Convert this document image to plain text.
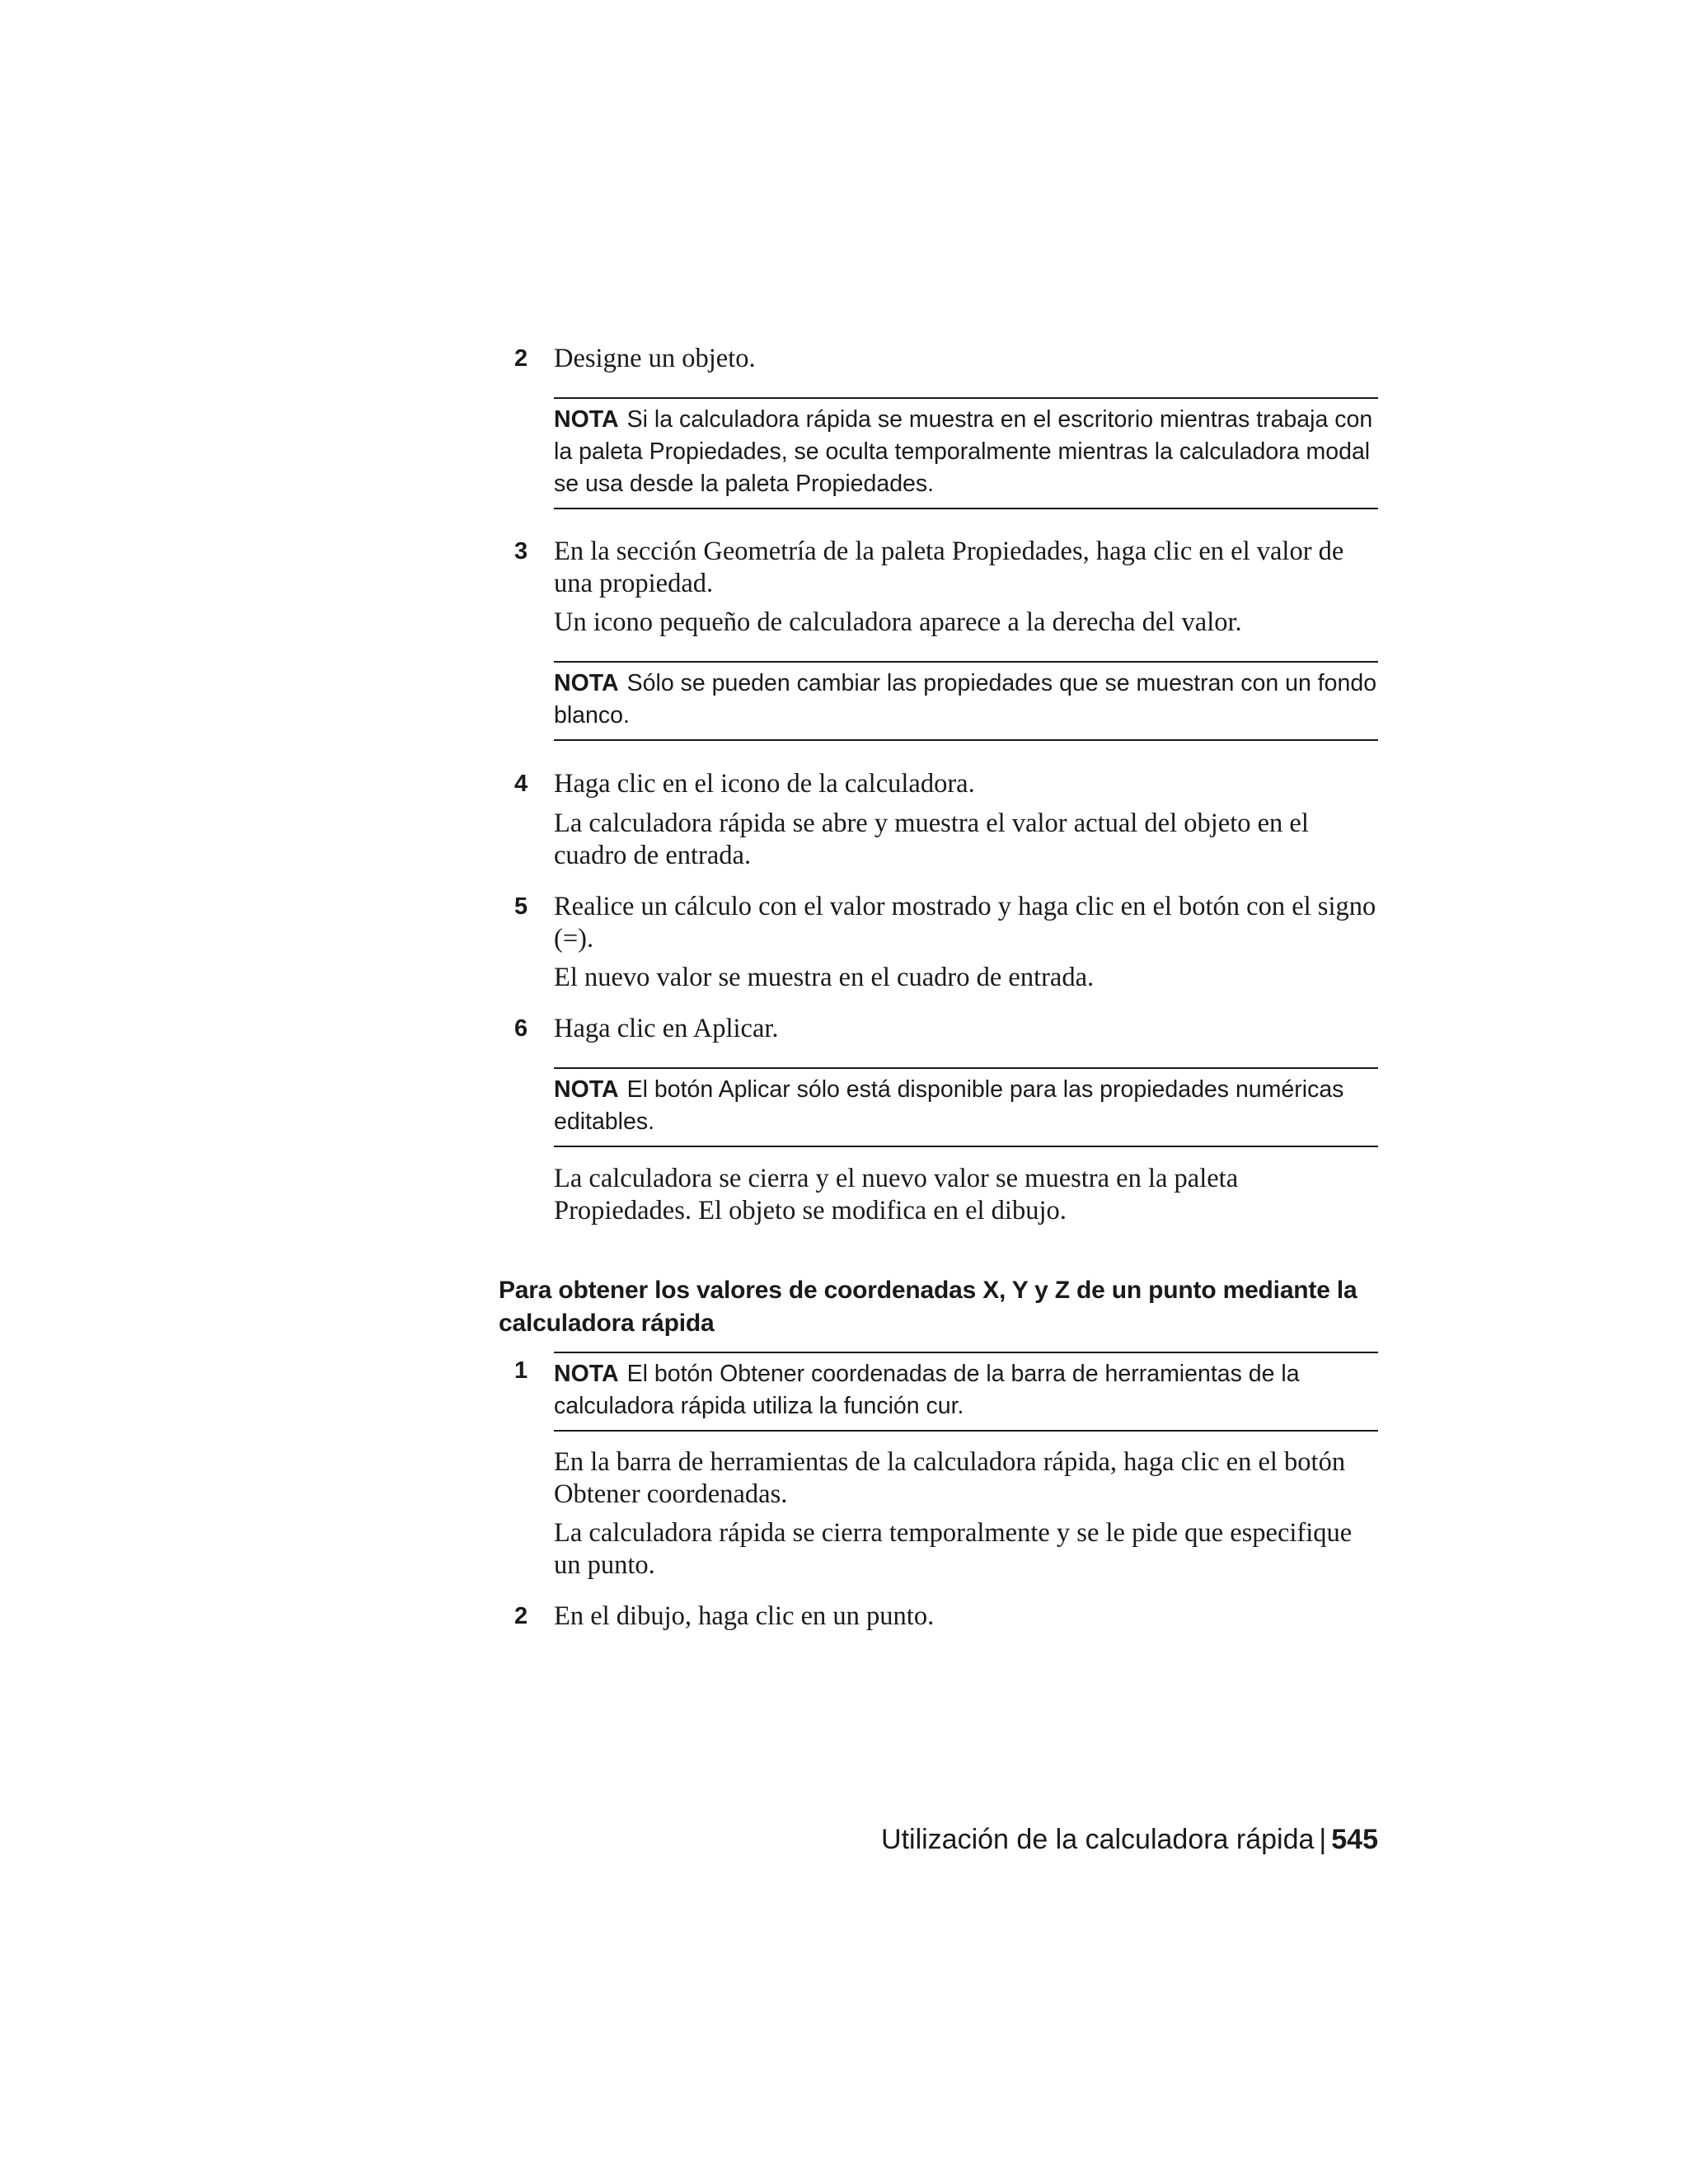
2 Designe un objeto.
NOTA Si la calculadora rápida se muestra en el escritorio mientras trabaja con la paleta Propiedades, se oculta temporalmente mientras la calculadora modal se usa desde la paleta Propiedades.
3 En la sección Geometría de la paleta Propiedades, haga clic en el valor de una propiedad.
Un icono pequeño de calculadora aparece a la derecha del valor.
NOTA Sólo se pueden cambiar las propiedades que se muestran con un fondo blanco.
4 Haga clic en el icono de la calculadora.
La calculadora rápida se abre y muestra el valor actual del objeto en el cuadro de entrada.
5 Realice un cálculo con el valor mostrado y haga clic en el botón con el signo (=).
El nuevo valor se muestra en el cuadro de entrada.
6 Haga clic en Aplicar.
NOTA El botón Aplicar sólo está disponible para las propiedades numéricas editables.
La calculadora se cierra y el nuevo valor se muestra en la paleta Propiedades. El objeto se modifica en el dibujo.
Para obtener los valores de coordenadas X, Y y Z de un punto mediante la calculadora rápida
1 NOTA El botón Obtener coordenadas de la barra de herramientas de la calculadora rápida utiliza la función cur.
En la barra de herramientas de la calculadora rápida, haga clic en el botón Obtener coordenadas.
La calculadora rápida se cierra temporalmente y se le pide que especifique un punto.
2 En el dibujo, haga clic en un punto.
Utilización de la calculadora rápida | 545
